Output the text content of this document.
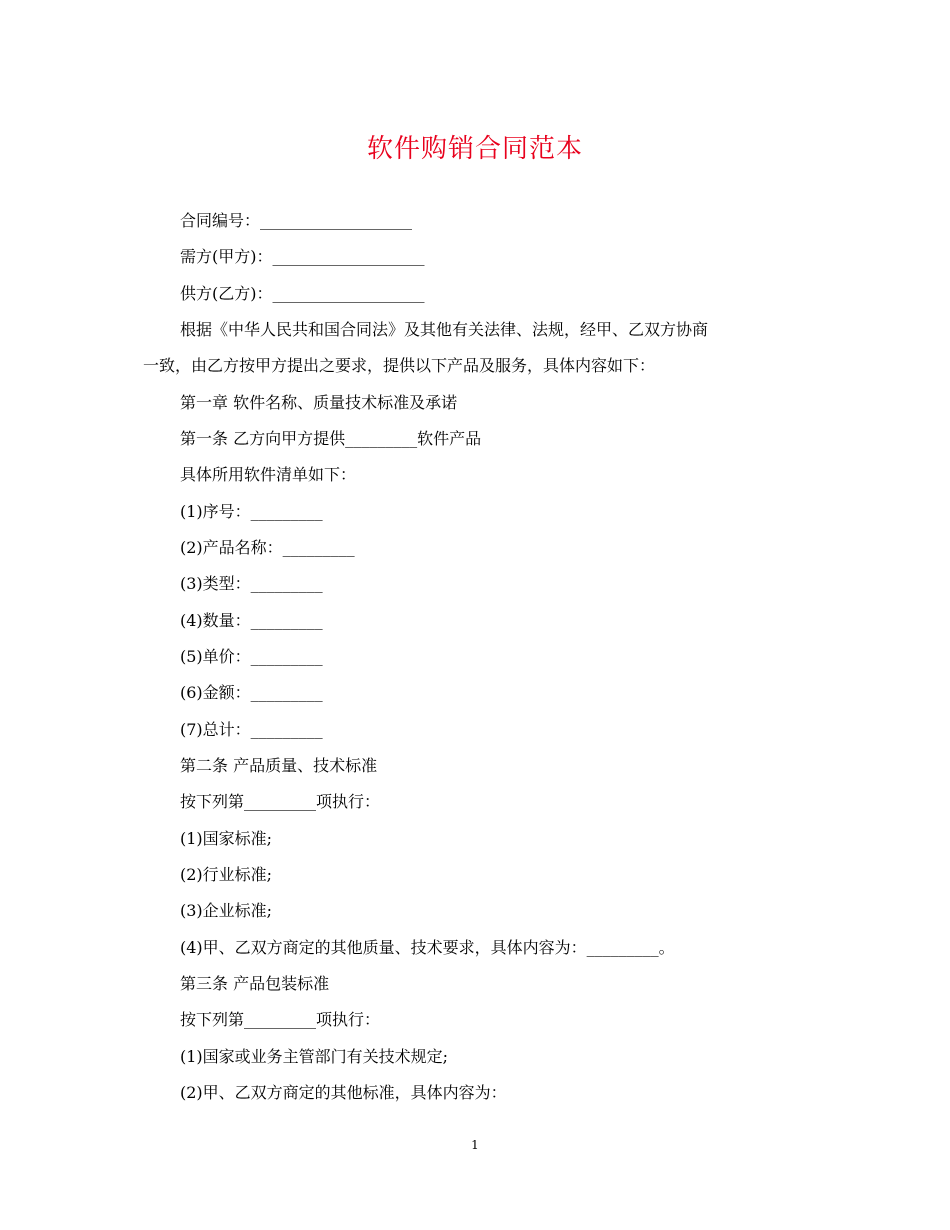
软件购销合同范本
合同编号：___________________
需方(甲方)：___________________
供方(乙方)：___________________
根据《中华人民共和国合同法》及其他有关法律、法规，经甲、乙双方协商
一致，由乙方按甲方提出之要求，提供以下产品及服务，具体内容如下：
第一章 软件名称、质量技术标准及承诺
第一条 乙方向甲方提供_________软件产品
具体所用软件清单如下：
(1)序号：_________
(2)产品名称：_________
(3)类型：_________
(4)数量：_________
(5)单价：_________
(6)金额：_________
(7)总计：_________
第二条 产品质量、技术标准
按下列第_________项执行：
(1)国家标准;
(2)行业标准;
(3)企业标准;
(4)甲、乙双方商定的其他质量、技术要求，具体内容为：_________。
第三条 产品包装标准
按下列第_________项执行：
(1)国家或业务主管部门有关技术规定;
(2)甲、乙双方商定的其他标准，具体内容为：
1
